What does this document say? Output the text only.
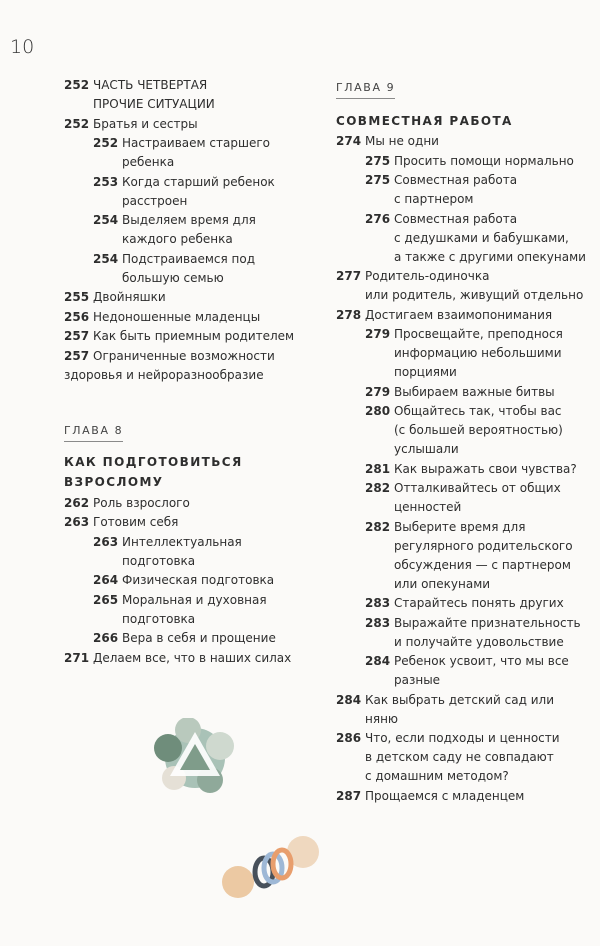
10
252 ЧАСТЬ ЧЕТВЕРТАЯ
ПРОЧИЕ СИТУАЦИИ
252 Братья и сестры
252 Настраиваем старшего
ребенка
253 Когда старший ребенок
расстроен
254 Выделяем время для
каждого ребенка
254 Подстраиваемся под
большую семью
255 Двойняшки
256 Недоношенные младенцы
257 Как быть приемным родителем
257 Ограниченные возможности
здоровья и нейроразнообразие
ГЛАВА 8
КАК ПОДГОТОВИТЬСЯ
ВЗРОСЛОМУ
262 Роль взрослого
263 Готовим себя
263 Интеллектуальная
подготовка
264 Физическая подготовка
265 Моральная и духовная
подготовка
266 Вера в себя и прощение
271 Делаем все, что в наших силах
ГЛАВА 9
СОВМЕСТНАЯ РАБОТА
274 Мы не одни
275 Просить помощи нормально
275 Совместная работа
с партнером
276 Совместная работа
с дедушками и бабушками,
а также с другими опекунами
277 Родитель-одиночка
или родитель, живущий отдельно
278 Достигаем взаимопонимания
279 Просвещайте, преподнося
информацию небольшими
порциями
279 Выбираем важные битвы
280 Общайтесь так, чтобы вас
(с большей вероятностью)
услышали
281 Как выражать свои чувства?
282 Отталкивайтесь от общих
ценностей
282 Выберите время для
регулярного родительского
обсуждения — с партнером
или опекунами
283 Старайтесь понять других
283 Выражайте признательность
и получайте удовольствие
284 Ребенок усвоит, что мы все
разные
284 Как выбрать детский сад или
няню
286 Что, если подходы и ценности
в детском саду не совпадают
с домашним методом?
287 Прощаемся с младенцем
